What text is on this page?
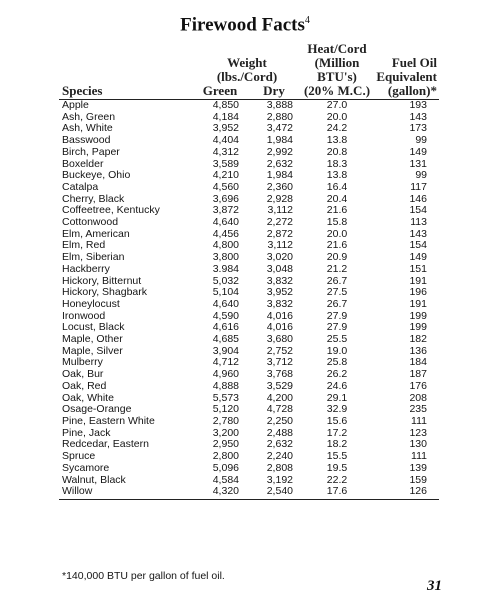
Firewood Facts$^4$
			Heat/Cord	
	Weight		(Million	Fuel Oil
	(lbs./Cord)		BTU's)	Equivalent
Species	Green	Dry	(20% M.C.)	(gallon)*
Apple	4,850	3,888	27.0	193
Ash, Green	4,184	2,880	20.0	143
Ash, White	3,952	3,472	24.2	173
Basswood	4,404	1,984	13.8	99
Birch, Paper	4,312	2,992	20.8	149
Boxelder	3,589	2,632	18.3	131
Buckeye, Ohio	4,210	1,984	13.8	99
Catalpa	4,560	2,360	16.4	117
Cherry, Black	3,696	2,928	20.4	146
Coffeetree, Kentucky	3,872	3,112	21.6	154
Cottonwood	4,640	2,272	15.8	113
Elm, American	4,456	2,872	20.0	143
Elm, Red	4,800	3,112	21.6	154
Elm, Siberian	3,800	3,020	20.9	149
Hackberry	3.984	3,048	21.2	151
Hickory, Bitternut	5,032	3,832	26.7	191
Hickory, Shagbark	5,104	3,952	27.5	196
Honeylocust	4,640	3,832	26.7	191
Ironwood	4,590	4,016	27.9	199
Locust, Black	4,616	4,016	27.9	199
Maple, Other	4,685	3,680	25.5	182
Maple, Silver	3,904	2,752	19.0	136
Mulberry	4,712	3,712	25.8	184
Oak, Bur	4,960	3,768	26.2	187
Oak, Red	4,888	3,529	24.6	176
Oak, White	5,573	4,200	29.1	208
Osage-Orange	5,120	4,728	32.9	235
Pine, Eastern White	2,780	2,250	15.6	111
Pine, Jack	3,200	2,488	17.2	123
Redcedar, Eastern	2,950	2,632	18.2	130
Spruce	2,800	2,240	15.5	111
Sycamore	5,096	2,808	19.5	139
Walnut, Black	4,584	3,192	22.2	159
Willow	4,320	2,540	17.6	126
*140,000 BTU per gallon of fuel oil.
31
